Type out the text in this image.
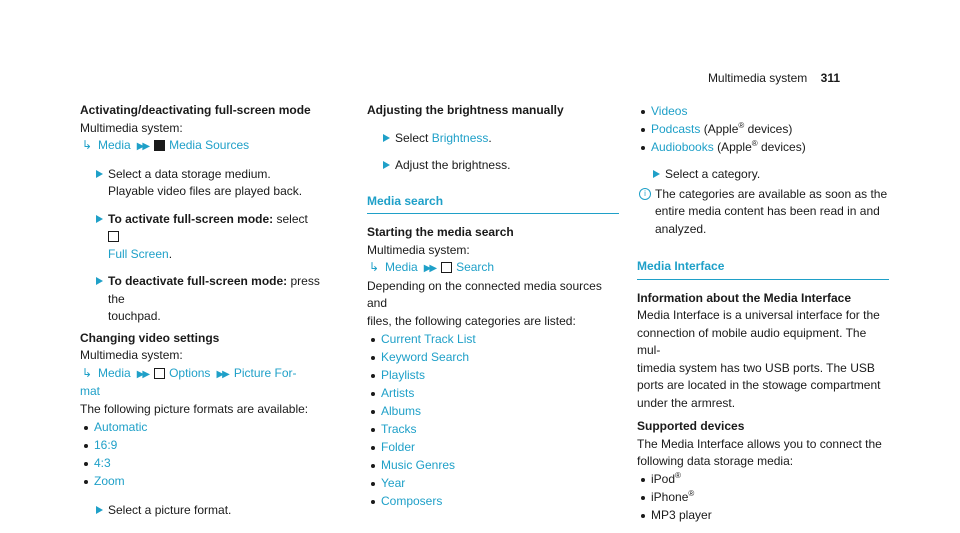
Multimedia system 311
Activating/deactivating full-screen mode
Multimedia system:
↳ Media ▶▶ Media Sources
Select a data storage medium.
Playable video files are played back.
To activate full-screen mode: select
Full Screen.
To deactivate full-screen mode: press the
touchpad.
Changing video settings
Multimedia system:
↳ Media ▶▶ Options ▶▶ Picture For-
mat
The following picture formats are available:
Automatic
16:9
4:3
Zoom
Select a picture format.
Adjusting the brightness manually
Select Brightness.
Adjust the brightness.
Media search
Starting the media search
Multimedia system:
↳ Media ▶▶ Search
Depending on the connected media sources and
files, the following categories are listed:
Current Track List
Keyword Search
Playlists
Artists
Albums
Tracks
Folder
Music Genres
Year
Composers
Videos
Podcasts (Apple® devices)
Audiobooks (Apple® devices)
Select a category.
i The categories are available as soon as the
entire media content has been read in and
analyzed.
Media Interface
Information about the Media Interface
Media Interface is a universal interface for the
connection of mobile audio equipment. The mul-
timedia system has two USB ports. The USB
ports are located in the stowage compartment
under the armrest.
Supported devices
The Media Interface allows you to connect the
following data storage media:
iPod®
iPhone®
MP3 player
